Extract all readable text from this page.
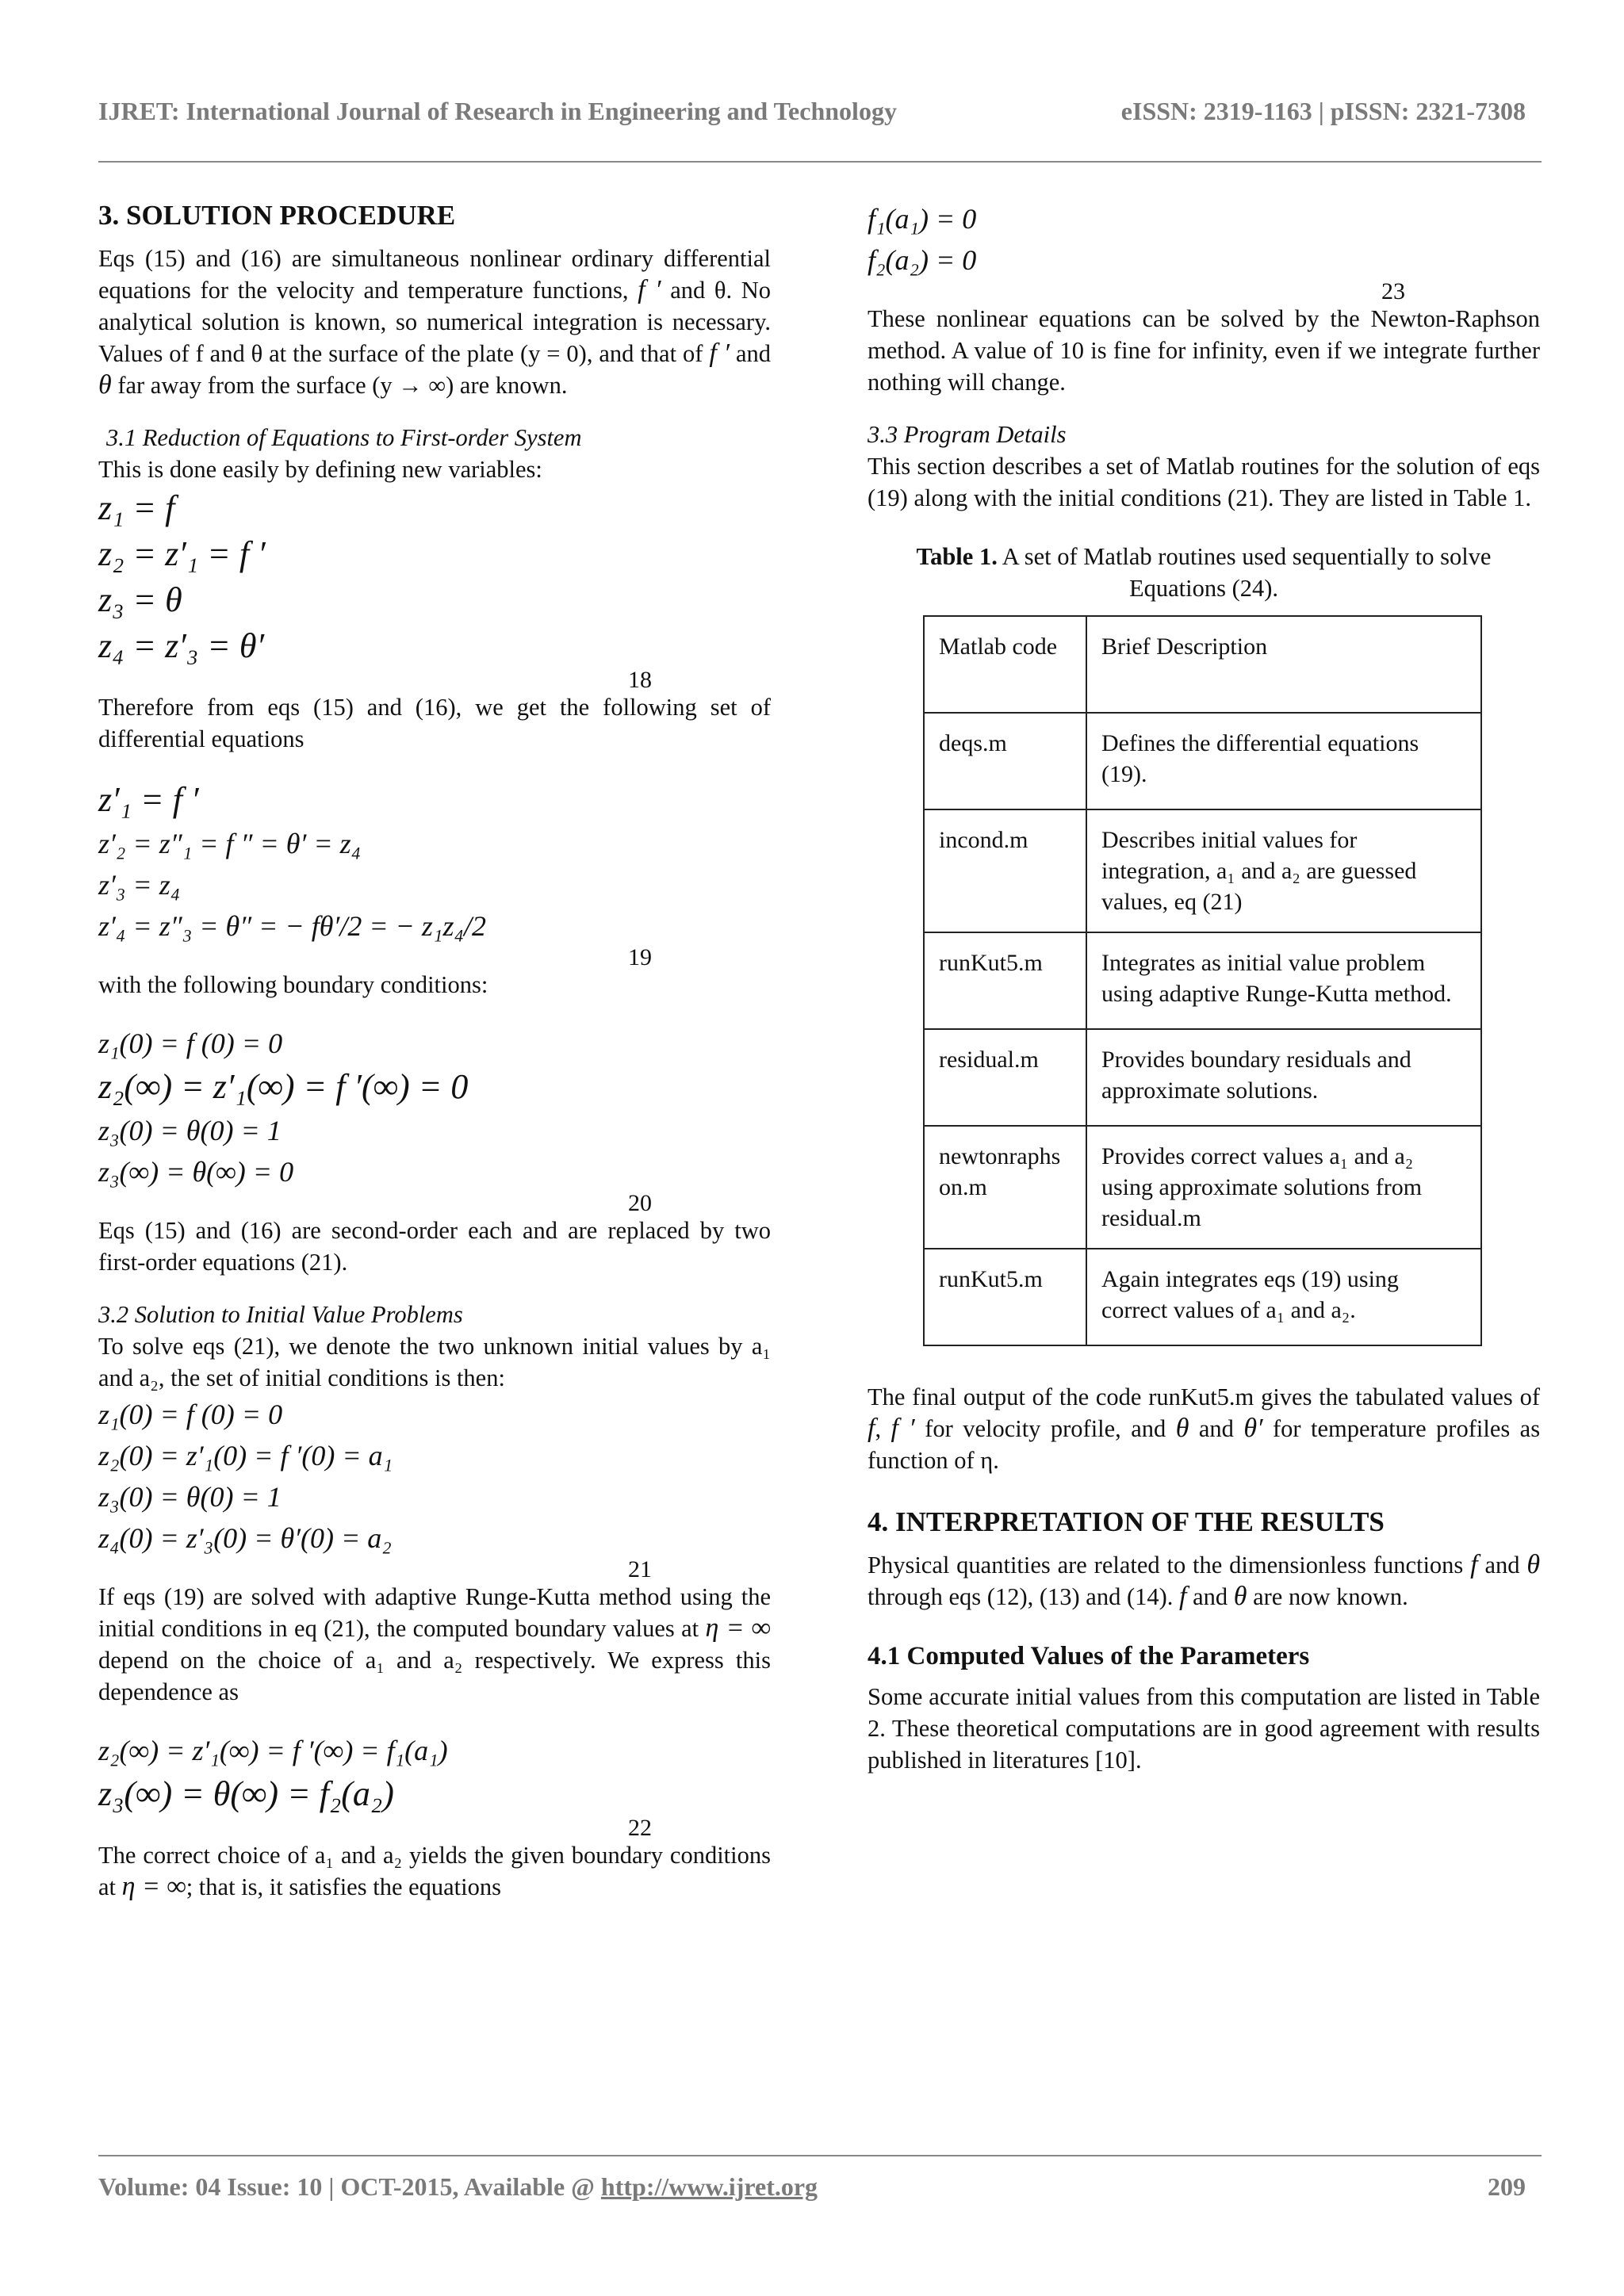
IJRET: International Journal of Research in Engineering and Technology	eISSN: 2319-1163 | pISSN: 2321-7308
3. SOLUTION PROCEDURE

Eqs (15) and (16) are simultaneous nonlinear ordinary differential equations for the velocity and temperature functions, f ′ and θ. No analytical solution is known, so numerical integration is necessary. Values of f and θ at the surface of the plate (y = 0), and that of f ′ and θ far away from the surface (y → ∞) are known.

3.1 Reduction of Equations to First-order System

This is done easily by defining new variables:

z₁ = f
z₂ = z′₁ = f ′
z₃ = θ
z₄ = z′₃ = θ′
18

Therefore from eqs (15) and (16), we get the following set of differential equations

z′₁ = f ′
z′₂ = z″₁ = f ″ = θ′ = z₄
z′₃ = z₄
z′₄ = z″₃ = θ″ = − fθ′/2 = − z₁z₄/2
19

with the following boundary conditions:

z₁(0) = f (0) = 0
z₂(∞) = z′₁(∞) = f ′(∞) = 0
z₃(0) = θ(0) = 1
z₃(∞) = θ(∞) = 0
20

Eqs (15) and (16) are second-order each and are replaced by two first-order equations (21).

3.2 Solution to Initial Value Problems

To solve eqs (21), we denote the two unknown initial values by a₁ and a₂, the set of initial conditions is then:

z₁(0) = f (0) = 0
z₂(0) = z′₁(0) = f ′(0) = a₁
z₃(0) = θ(0) = 1
z₄(0) = z′₃(0) = θ′(0) = a₂
21

If eqs (19) are solved with adaptive Runge-Kutta method using the initial conditions in eq (21), the computed boundary values at η = ∞ depend on the choice of a₁ and a₂ respectively. We express this dependence as

z₂(∞) = z′₁(∞) = f ′(∞) = f₁(a₁)
z₃(∞) = θ(∞) = f₂(a₂)
22

The correct choice of a₁ and a₂ yields the given boundary conditions at η = ∞; that is, it satisfies the equations

f₁(a₁) = 0
f₂(a₂) = 0
23

These nonlinear equations can be solved by the Newton-Raphson method. A value of 10 is fine for infinity, even if we integrate further nothing will change.

3.3 Program Details

This section describes a set of Matlab routines for the solution of eqs (19) along with the initial conditions (21). They are listed in Table 1.

Table 1. A set of Matlab routines used sequentially to solve Equations (24).

Matlab code	Brief Description
deqs.m	Defines the differential equations (19).
incond.m	Describes initial values for integration, a₁ and a₂ are guessed values, eq (21)
runKut5.m	Integrates as initial value problem using adaptive Runge-Kutta method.
residual.m	Provides boundary residuals and approximate solutions.
newtonraphson.m	Provides correct values a₁ and a₂ using approximate solutions from residual.m
runKut5.m	Again integrates eqs (19) using correct values of a₁ and a₂.

The final output of the code runKut5.m gives the tabulated values of f, f ′ for velocity profile, and θ and θ′ for temperature profiles as function of η.

4. INTERPRETATION OF THE RESULTS

Physical quantities are related to the dimensionless functions f and θ through eqs (12), (13) and (14). f and θ are now known.

4.1 Computed Values of the Parameters

Some accurate initial values from this computation are listed in Table 2. These theoretical computations are in good agreement with results published in literatures [10].

Volume: 04 Issue: 10 | OCT-2015, Available @ http://www.ijret.org	209
